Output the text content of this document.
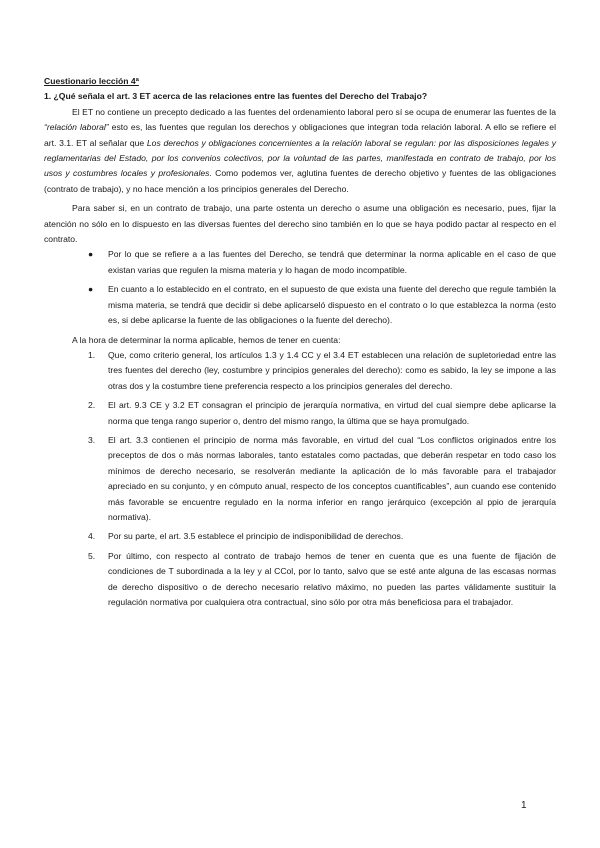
Cuestionario lección 4ª

1. ¿Qué señala el art. 3 ET acerca de las relaciones entre las fuentes del Derecho del Trabajo?

El ET no contiene un precepto dedicado a las fuentes del ordenamiento laboral pero sí se ocupa de enumerar las fuentes de la “relación laboral” esto es, las fuentes que regulan los derechos y obligaciones que integran toda relación laboral. A ello se refiere el art. 3.1. ET al señalar que Los derechos y obligaciones concernientes a la relación laboral se regulan: por las disposiciones legales y reglamentarias del Estado, por los convenios colectivos, por la voluntad de las partes, manifestada en contrato de trabajo, por los usos y costumbres locales y profesionales. Como podemos ver, aglutina fuentes de derecho objetivo y fuentes de las obligaciones (contrato de trabajo), y no hace mención a los principios generales del Derecho.

Para saber si, en un contrato de trabajo, una parte ostenta un derecho o asume una obligación es necesario, pues, fijar la atención no sólo en lo dispuesto en las diversas fuentes del derecho sino también en lo que se haya podido pactar al respecto en el contrato.

● Por lo que se refiere a a las fuentes del Derecho, se tendrá que determinar la norma aplicable en el caso de que existan varias que regulen la misma materia y lo hagan de modo incompatible.
● En cuanto a lo establecido en el contrato, en el supuesto de que exista una fuente del derecho que regule también la misma materia, se tendrá que decidir si debe aplicarseló dispuesto en el contrato o lo que establezca la norma (esto es, si debe aplicarse la fuente de las obligaciones o la fuente del derecho).

A la hora de determinar la norma aplicable, hemos de tener en cuenta:

1. Que, como criterio general, los artículos 1.3 y 1.4 CC y el 3.4 ET establecen una relación de supletoriedad entre las tres fuentes del derecho (ley, costumbre y principios generales del derecho): como es sabido, la ley se impone a las otras dos y la costumbre tiene preferencia respecto a los principios generales del derecho.
2. El art. 9.3 CE y 3.2 ET consagran el principio de jerarquía normativa, en virtud del cual siempre debe aplicarse la norma que tenga rango superior o, dentro del mismo rango, la última que se haya promulgado.
3. El art. 3.3 contienen el principio de norma más favorable, en virtud del cual “Los conflictos originados entre los preceptos de dos o más normas laborales, tanto estatales como pactadas, que deberán respetar en todo caso los mínimos de derecho necesario, se resolverán mediante la aplicación de lo más favorable para el trabajador apreciado en su conjunto, y en cómputo anual, respecto de los conceptos cuantificables”, aun cuando ese contenido más favorable se encuentre regulado en la norma inferior en rango jerárquico (excepción al ppio de jerarquía normativa).
4. Por su parte, el art. 3.5 establece el principio de indisponibilidad de derechos.
5. Por último, con respecto al contrato de trabajo hemos de tener en cuenta que es una fuente de fijación de condiciones de T subordinada a la ley y al CCol, por lo tanto, salvo que se esté ante alguna de las escasas normas de derecho dispositivo o de derecho necesario relativo máximo, no pueden las partes válidamente sustituir la regulación normativa por cualquiera otra contractual, sino sólo por otra más beneficiosa para el trabajador.
1
